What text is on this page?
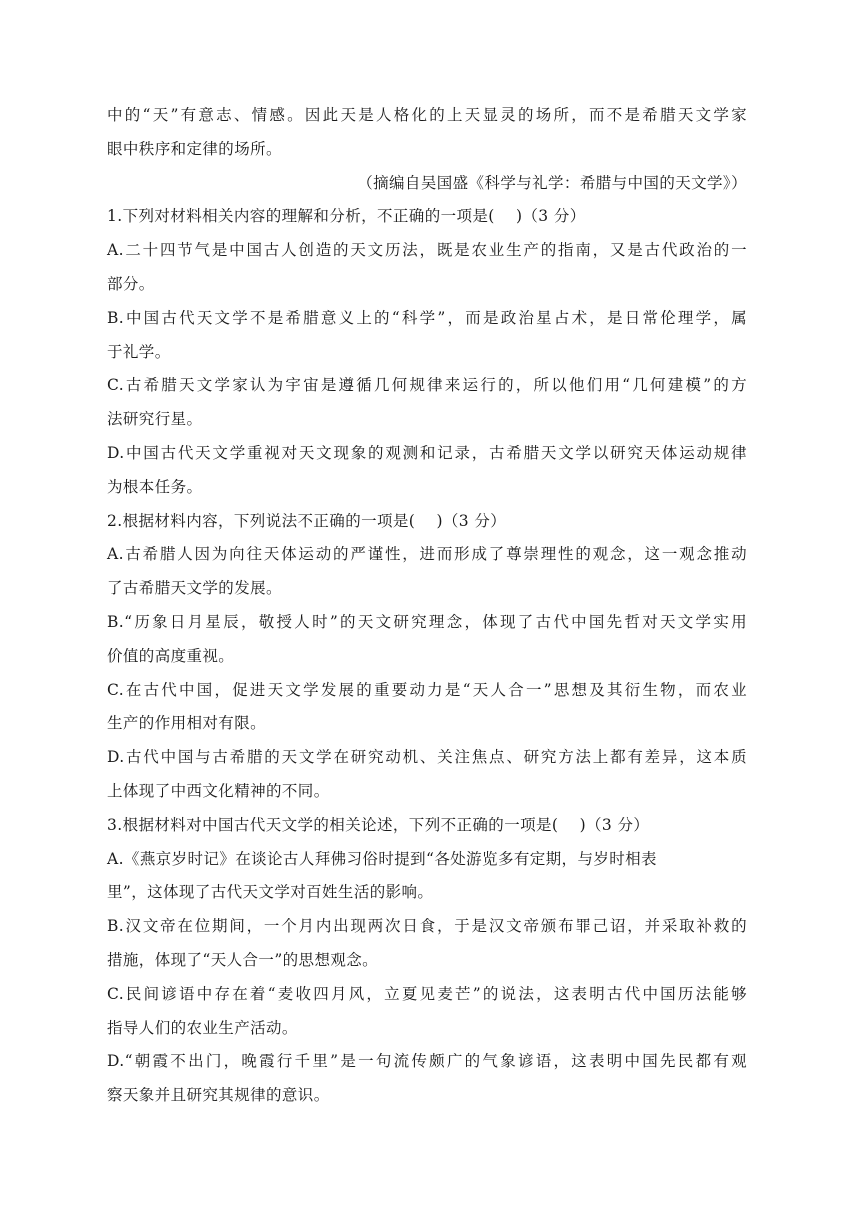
中的“天”有意志、情感。因此天是人格化的上天显灵的场所，而不是希腊天文学家
眼中秩序和定律的场所。
（摘编自吴国盛《科学与礼学：希腊与中国的天文学》）
1.下列对材料相关内容的理解和分析，不正确的一项是(　 )（3 分）
A.二十四节气是中国古人创造的天文历法，既是农业生产的指南，又是古代政治的一
部分。
B.中国古代天文学不是希腊意义上的“科学”，而是政治星占术，是日常伦理学，属
于礼学。
C.古希腊天文学家认为宇宙是遵循几何规律来运行的，所以他们用“几何建模”的方
法研究行星。
D.中国古代天文学重视对天文现象的观测和记录，古希腊天文学以研究天体运动规律
为根本任务。
2.根据材料内容，下列说法不正确的一项是(　 )（3 分）
A.古希腊人因为向往天体运动的严谨性，进而形成了尊崇理性的观念，这一观念推动
了古希腊天文学的发展。
B.“历象日月星辰，敬授人时”的天文研究理念，体现了古代中国先哲对天文学实用
价值的高度重视。
C.在古代中国，促进天文学发展的重要动力是“天人合一”思想及其衍生物，而农业
生产的作用相对有限。
D.古代中国与古希腊的天文学在研究动机、关注焦点、研究方法上都有差异，这本质
上体现了中西文化精神的不同。
3.根据材料对中国古代天文学的相关论述，下列不正确的一项是(　 )（3 分）
A.《燕京岁时记》在谈论古人拜佛习俗时提到“各处游览多有定期，与岁时相表
里”，这体现了古代天文学对百姓生活的影响。
B.汉文帝在位期间，一个月内出现两次日食，于是汉文帝颁布罪己诏，并采取补救的
措施，体现了“天人合一”的思想观念。
C.民间谚语中存在着“麦收四月风，立夏见麦芒”的说法，这表明古代中国历法能够
指导人们的农业生产活动。
D.“朝霞不出门，晚霞行千里”是一句流传颇广的气象谚语，这表明中国先民都有观
察天象并且研究其规律的意识。
